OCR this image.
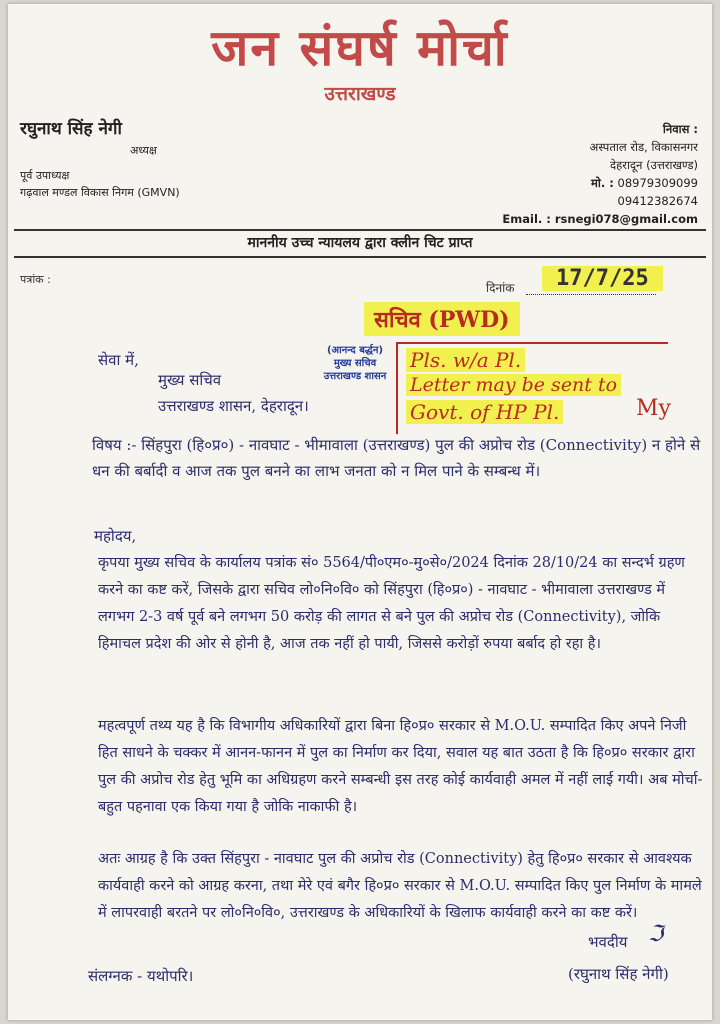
जन संघर्ष मोर्चा
उत्तराखण्ड
रघुनाथ सिंह नेगी
अध्यक्ष
पूर्व उपाध्यक्ष
गढ़वाल मण्डल विकास निगम (GMVN)
निवास :
अस्पताल रोड, विकासनगर
देहरादून (उत्तराखण्ड)
मो. : 08979309099
09412382674
Email. : rsnegi078@gmail.com
माननीय उच्च न्यायलय द्वारा क्लीन चिट प्राप्त
पत्रांक :
दिनांक	17/7/25
सचिव (PWD)
(आनन्द बर्द्धन)
मुख्य सचिव
उत्तराखण्ड शासन
Pls. w/a Pl.
Letter may be sent to
Govt. of HP Pl.	My
सेवा में,
मुख्य सचिव
उत्तराखण्ड शासन, देहरादून।
विषय :- सिंहपुरा (हि०प्र०) - नावघाट - भीमावाला (उत्तराखण्ड) पुल की अप्रोच रोड (Connectivity) न होने से धन की बर्बादी व आज तक पुल बनने का लाभ जनता को न मिल पाने के सम्बन्ध में।
महोदय,
कृपया मुख्य सचिव के कार्यालय पत्रांक सं० 5564/पी०एम०-मु०से०/2024 दिनांक 28/10/24 का सन्दर्भ ग्रहण करने का कष्ट करें, जिसके द्वारा सचिव लो०नि०वि० को सिंहपुरा (हि०प्र०) - नावघाट - भीमावाला उत्तराखण्ड में लगभग 2-3 वर्ष पूर्व बने लगभग 50 करोड़ की लागत से बने पुल की अप्रोच रोड (Connectivity), जोकि हिमाचल प्रदेश की ओर से होनी है, आज तक नहीं हो पायी, जिससे करोड़ों रुपया बर्बाद हो रहा है।
महत्वपूर्ण तथ्य यह है कि विभागीय अधिकारियों द्वारा बिना हि०प्र० सरकार से M.O.U. सम्पादित किए अपने निजी हित साधने के चक्कर में आनन-फानन में पुल का निर्माण कर दिया, सवाल यह बात उठता है कि हि०प्र० सरकार द्वारा पुल की अप्रोच रोड हेतु भूमि का अधिग्रहण करने सम्बन्धी इस तरह कोई कार्यवाही अमल में नहीं लाई गयी। अब मोर्चा-बहुत पहनावा एक किया गया है जोकि नाकाफी है।
अतः आग्रह है कि उक्त सिंहपुरा - नावघाट पुल की अप्रोच रोड (Connectivity) हेतु हि०प्र० सरकार से आवश्यक कार्यवाही करने को आग्रह करना, तथा मेरे एवं बगैर हि०प्र० सरकार से M.O.U. सम्पादित किए पुल निर्माण के मामले में लापरवाही बरतने पर लो०नि०वि०, उत्तराखण्ड के अधिकारियों के खिलाफ कार्यवाही करने का कष्ट करें।
भवदीय ℑ
संलग्नक - यथोपरि।	(रघुनाथ सिंह नेगी)
